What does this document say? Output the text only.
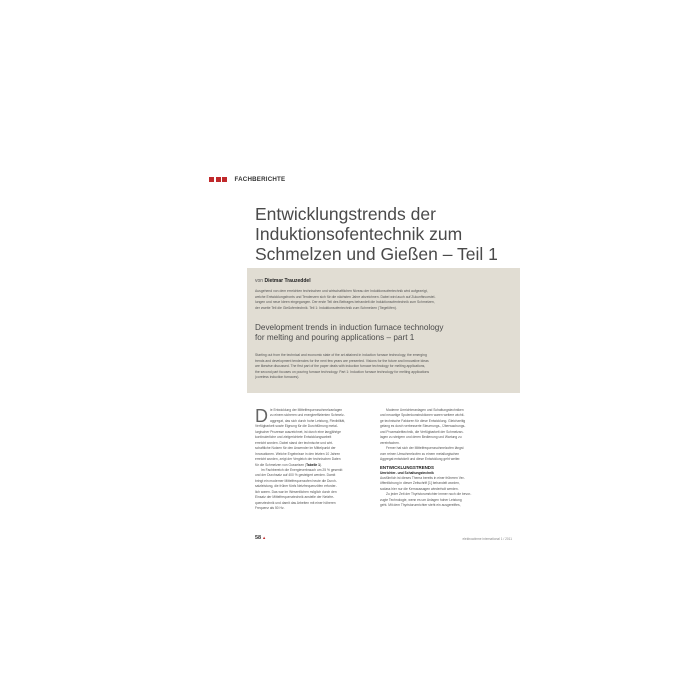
FACHBERICHTE
Entwicklungstrends der
Induktionsofentechnik zum
Schmelzen und Gießen – Teil 1
von Dietmar Trauzeddel
Ausgehend von dem erreichten technischen und wirtschaftlichen Niveau der Induktionsofentechnik wird aufgezeigt,
welche Entwicklungsfronts und Tendenzen sich für die nächsten Jahre abzeichnen. Dabei wird auch auf Zukunftsvorstel-
lungen und neue Ideen eingegangen. Der erste Teil des Beitrages behandelt die Induktionsofentechnik zum Schmelzen,
der zweite Teil die Gießofentechnik. Teil 1: Induktionsofentechnik zum Schmelzen (Tiegelöfen).
Development trends in induction furnace technology
for melting and pouring applications – part 1
Starting out from the technical and economic state of the art attained in induction furnace technology, the emerging
trends and development tendencies for the next few years are presented. Visions for the future and innovative ideas
are likewise discussed. The first part of the paper deals with induction furnace technology for melting applications,
the second part focuses on pouring furnace technology. Part 1: Induction furnace technology for melting applications
(coreless induction furnaces).
D ie Entwicklung der Mittelfrequenzschmelzanlagen
zu einem sicheren und energieeffizienten Schmelz-
aggregat, das sich durch hohe Leistung, Flexibilität,
Verfügbarkeit sowie Eignung für die Durchführung metal-
lurgischer Prozesse auszeichnet, ist durch eine langjährige
kontinuierliche und zielgerichtete Entwicklungsarbeit
erreicht worden. Dabei stand der technische und wirt-
schaftliche Nutzen für den Anwender im Mittelpunkt der
Innovationen. Welche Ergebnisse in den letzten 10 Jahren
erreicht wurden, zeigt der Vergleich der technischen Daten
für die Schmelzen von Gusseisen (Tabelle 1).
Im Fachbereich die Energieverbrauch um 25 % gesenkt
und der Durchsatz auf 400 % gesteigert werden. Damit
bringt ein moderner Mittelfrequenzofen heute die Durch-
satzleistung, die früher fünfs Netzfrequenzöfen erforder-
lich waren. Das war im Wesentlichen möglich durch den
Einsatz der Mittelfrequenztechnik anstelle der Netzfre-
quenztechnik und damit das Arbeiten mit einer höheren
Frequenz als 50 Hz.
Moderne Umrichteranlagen und Schaltungstechniken
und neuartige Spulenkonstruktionen waren weitere wichti-
ge technische Faktoren für diese Entwicklung. Gleichzeitig
gelang es durch verbesserte Steuerungs-, Überwachungs-
und Prozessleittechnik, die Verfügbarkeit der Schmelzan-
lagen zu steigern und deren Bedienung und Wartung zu
vereinfachen.
Ferner hat sich der Mittelfrequenzschmelzofen längst
vom reinen Umschmelzofen zu einem metallurgischen
Aggregat entwickelt und diese Entwicklung geht weiter.
ENTWICKLUNGSTRENDS
Umrichter- und Schaltungstechnik
Ausführlich ist dieses Thema bereits in einer früheren Ver-
öffentlichung in dieser Zeitschrift [1] behandelt worden,
sodass hier nur die Kernaussagen wiederholt werden.
Zu jeder Zeit der Thyristorumrichter immer noch die bevor-
zugte Technologie, wenn es um Anlagen hoher Leistung
geht. Mit dem Thyristorumrichter steht ein ausgereiftes,
58▲	elektrowärme international 1 / 2011
